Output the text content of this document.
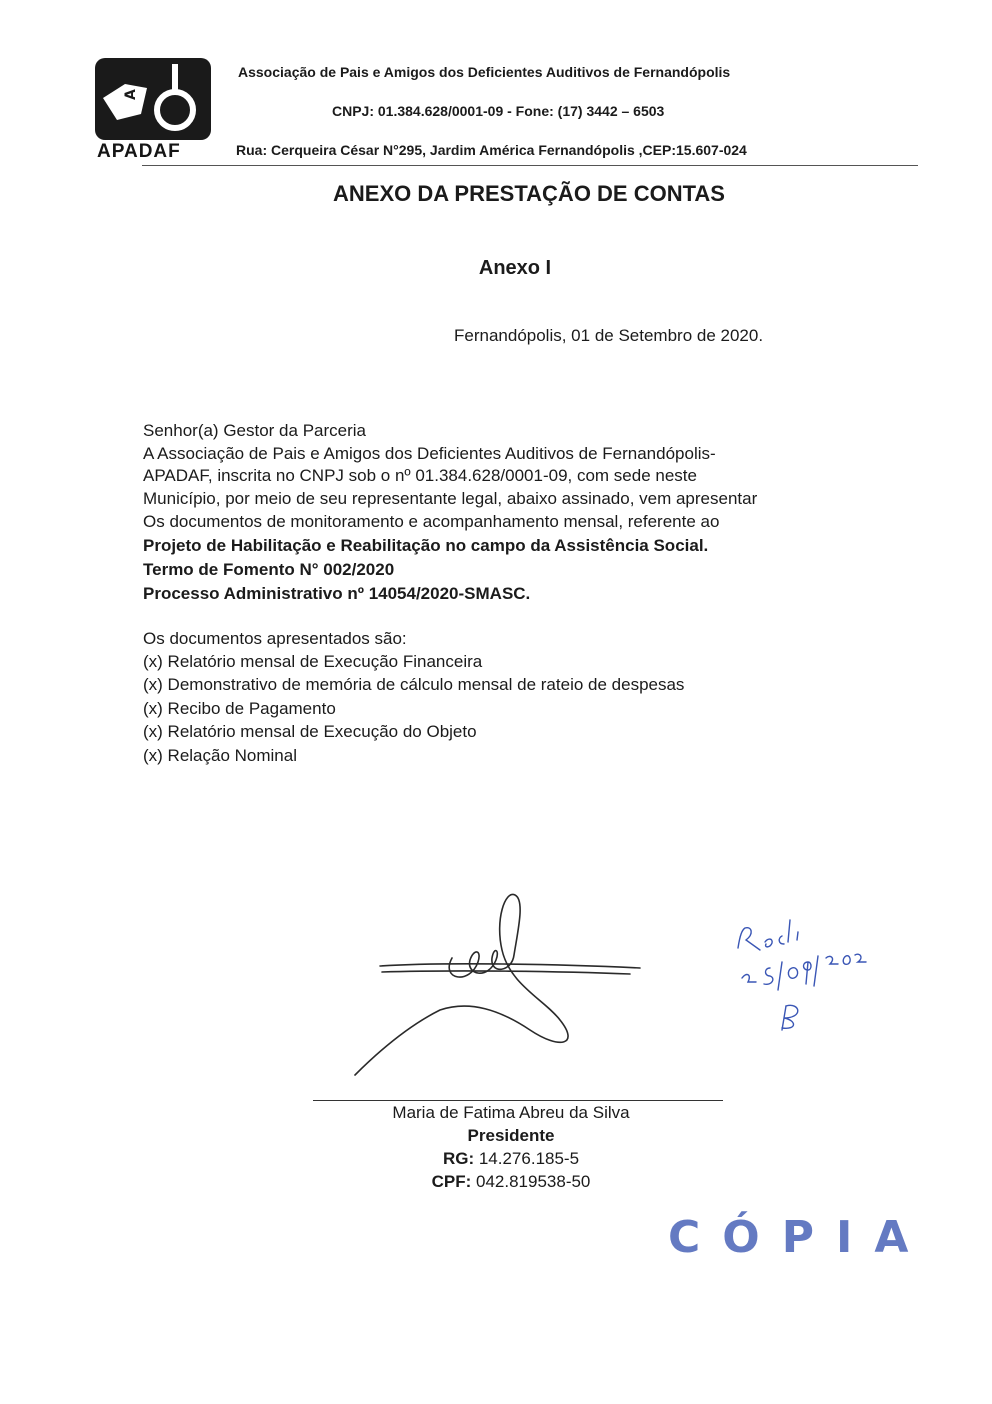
A
APADAF
Associação de Pais e Amigos dos Deficientes Auditivos de Fernandópolis
CNPJ: 01.384.628/0001-09 - Fone: (17) 3442 – 6503
Rua: Cerqueira César N°295, Jardim América Fernandópolis ,CEP:15.607-024
ANEXO DA PRESTAÇÃO DE CONTAS
Anexo I
Fernandópolis, 01 de Setembro de 2020.
Senhor(a) Gestor da Parceria
A Associação de Pais e Amigos dos Deficientes Auditivos de Fernandópolis-
APADAF, inscrita no CNPJ sob o nº 01.384.628/0001-09, com sede neste
Município, por meio de seu representante legal, abaixo assinado, vem apresentar
Os documentos de monitoramento e acompanhamento mensal, referente ao
Projeto de Habilitação e Reabilitação no campo da Assistência Social.
Termo de Fomento N° 002/2020
Processo Administrativo nº 14054/2020-SMASC.
Os documentos apresentados são:
(x) Relatório mensal de Execução Financeira
(x) Demonstrativo de memória de cálculo mensal de rateio de despesas
(x) Recibo de Pagamento
(x) Relatório mensal de Execução do Objeto
(x) Relação Nominal
Maria de Fatima Abreu da Silva
Presidente
RG: 14.276.185-5
CPF: 042.819538-50
CÓPIA
